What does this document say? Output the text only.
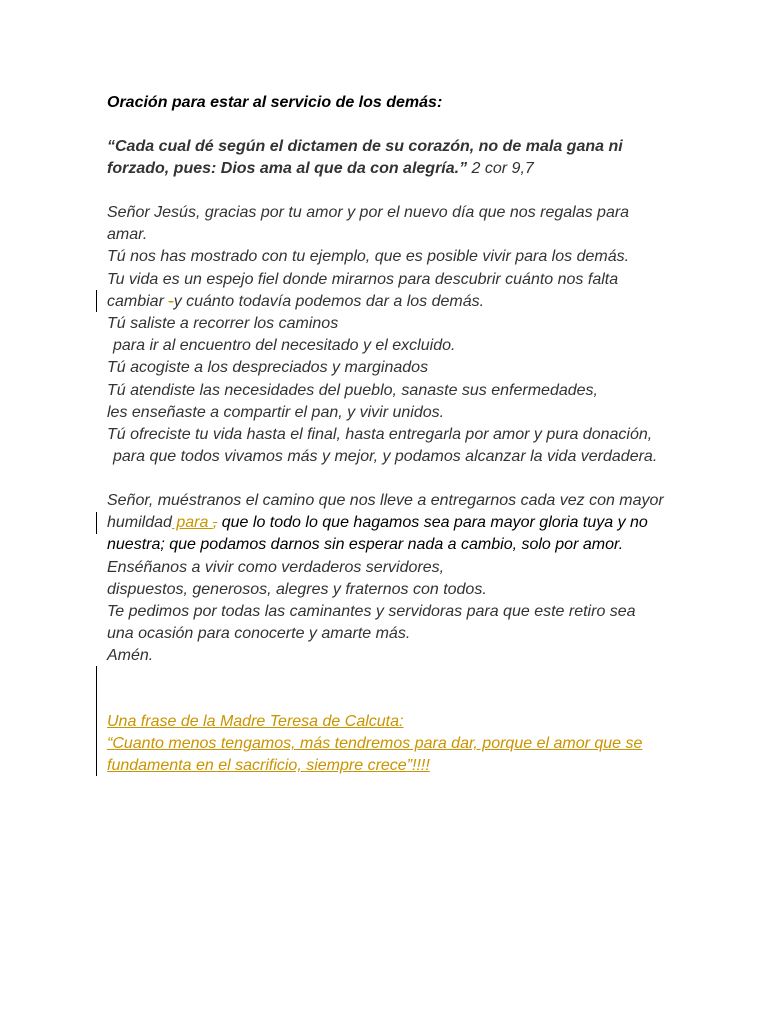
Oración para estar al servicio de los demás:
“Cada cual dé según el dictamen de su corazón, no de mala gana ni
forzado, pues: Dios ama al que da con alegría.” 2 cor 9,7
Señor Jesús, gracias por tu amor y por el nuevo día que nos regalas para
amar.
Tú nos has mostrado con tu ejemplo, que es posible vivir para los demás.
Tu vida es un espejo fiel donde mirarnos para descubrir cuánto nos falta
cambiar -y cuánto todavía podemos dar a los demás.
Tú saliste a recorrer los caminos
para ir al encuentro del necesitado y el excluido.
Tú acogiste a los despreciados y marginados
Tú atendiste las necesidades del pueblo, sanaste sus enfermedades,
les enseñaste a compartir el pan, y vivir unidos.
Tú ofreciste tu vida hasta el final, hasta entregarla por amor y pura donación,
para que todos vivamos más y mejor, y podamos alcanzar la vida verdadera.
Señor, muéstranos el camino que nos lleve a entregarnos cada vez con mayor
humildad para , que lo todo lo que hagamos sea para mayor gloria tuya y no
nuestra; que podamos darnos sin esperar nada a cambio, solo por amor.
Enséñanos a vivir como verdaderos servidores,
dispuestos, generosos, alegres y fraternos con todos.
Te pedimos por todas las caminantes y servidoras para que este retiro sea
una ocasión para conocerte y amarte más.
Amén.
Una frase de la Madre Teresa de Calcuta:
“Cuanto menos tengamos, más tendremos para dar, porque el amor que se
fundamenta en el sacrificio, siempre crece”!!!!
